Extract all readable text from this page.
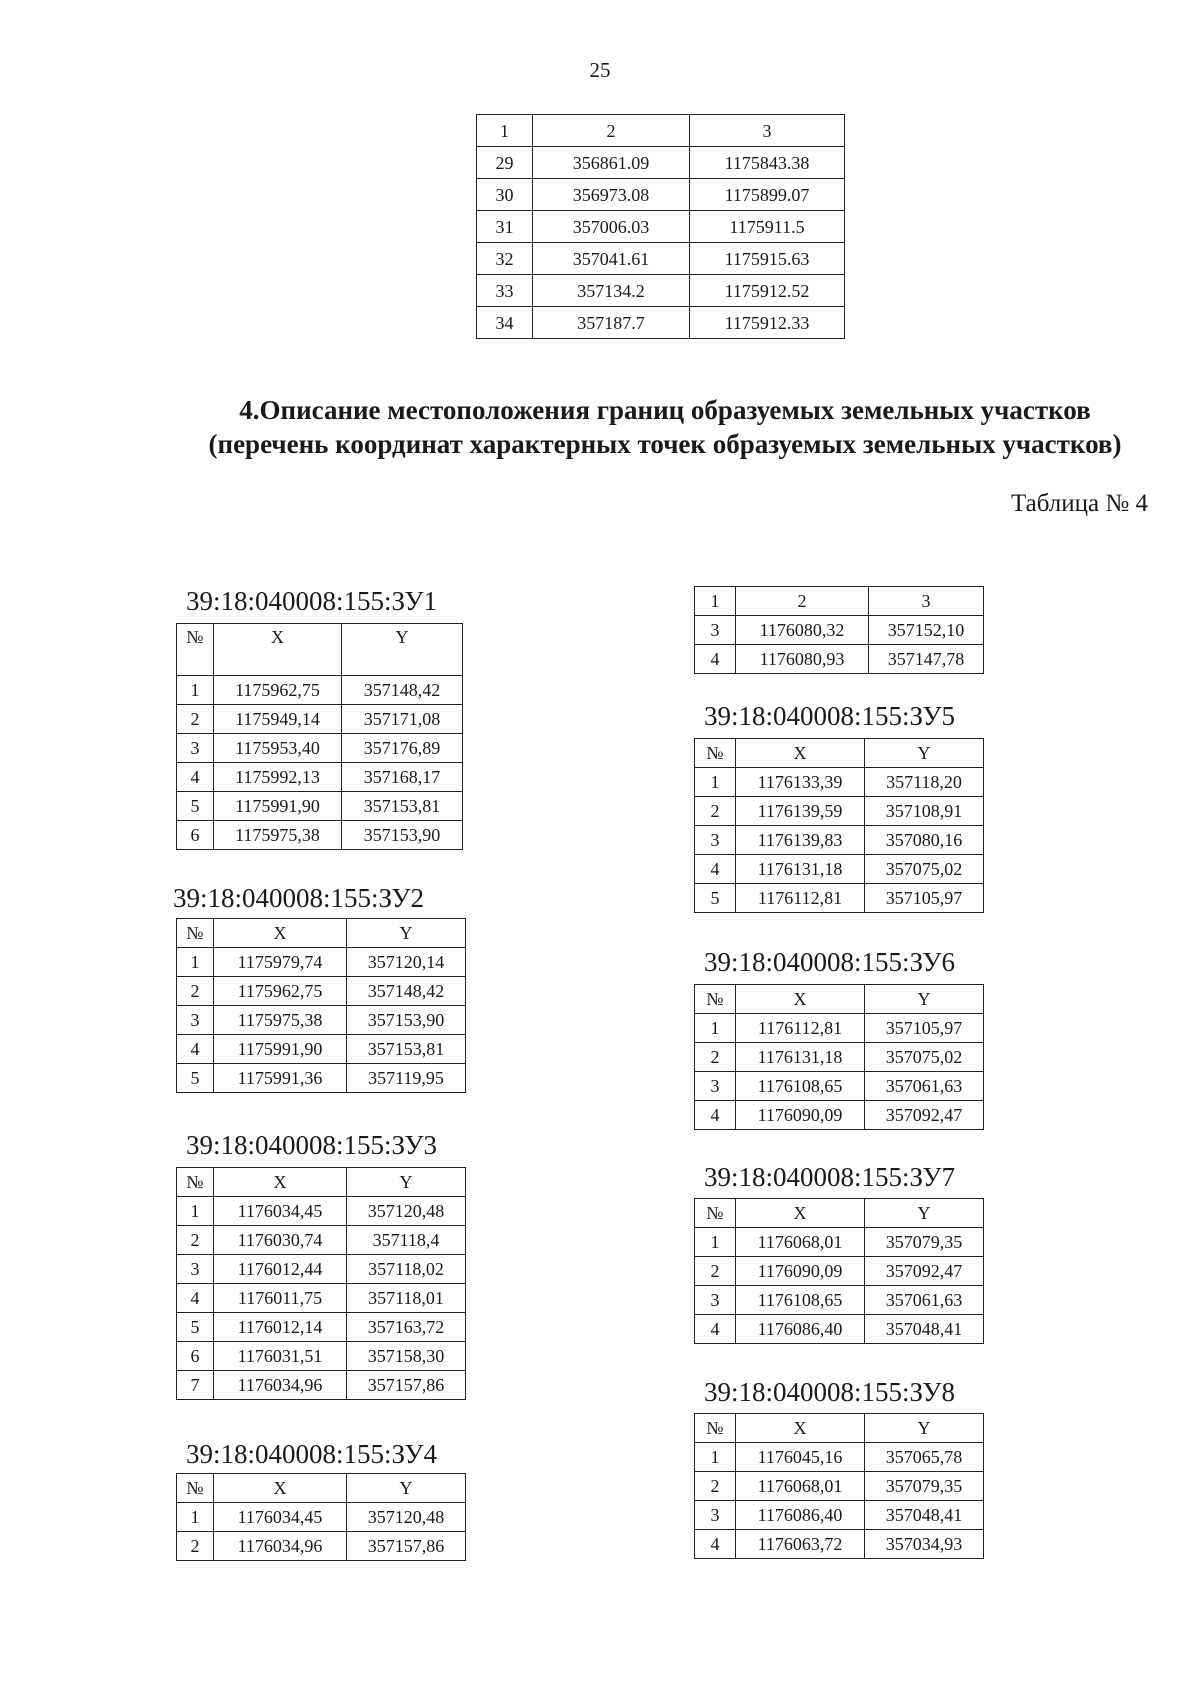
25
1	2	3
29	356861.09	1175843.38
30	356973.08	1175899.07
31	357006.03	1175911.5
32	357041.61	1175915.63
33	357134.2	1175912.52
34	357187.7	1175912.33
4.Описание местоположения границ образуемых земельных участков
(перечень координат характерных точек образуемых земельных участков)
Таблица № 4
39:18:040008:155:ЗУ1
№	X	Y
1	1175962,75	357148,42
2	1175949,14	357171,08
3	1175953,40	357176,89
4	1175992,13	357168,17
5	1175991,90	357153,81
6	1175975,38	357153,90
39:18:040008:155:ЗУ2
№	X	Y
1	1175979,74	357120,14
2	1175962,75	357148,42
3	1175975,38	357153,90
4	1175991,90	357153,81
5	1175991,36	357119,95
39:18:040008:155:ЗУ3
№	X	Y
1	1176034,45	357120,48
2	1176030,74	357118,4
3	1176012,44	357118,02
4	1176011,75	357118,01
5	1176012,14	357163,72
6	1176031,51	357158,30
7	1176034,96	357157,86
39:18:040008:155:ЗУ4
№	X	Y
1	1176034,45	357120,48
2	1176034,96	357157,86
1	2	3
3	1176080,32	357152,10
4	1176080,93	357147,78
39:18:040008:155:ЗУ5
№	X	Y
1	1176133,39	357118,20
2	1176139,59	357108,91
3	1176139,83	357080,16
4	1176131,18	357075,02
5	1176112,81	357105,97
39:18:040008:155:ЗУ6
№	X	Y
1	1176112,81	357105,97
2	1176131,18	357075,02
3	1176108,65	357061,63
4	1176090,09	357092,47
39:18:040008:155:ЗУ7
№	X	Y
1	1176068,01	357079,35
2	1176090,09	357092,47
3	1176108,65	357061,63
4	1176086,40	357048,41
39:18:040008:155:ЗУ8
№	X	Y
1	1176045,16	357065,78
2	1176068,01	357079,35
3	1176086,40	357048,41
4	1176063,72	357034,93
